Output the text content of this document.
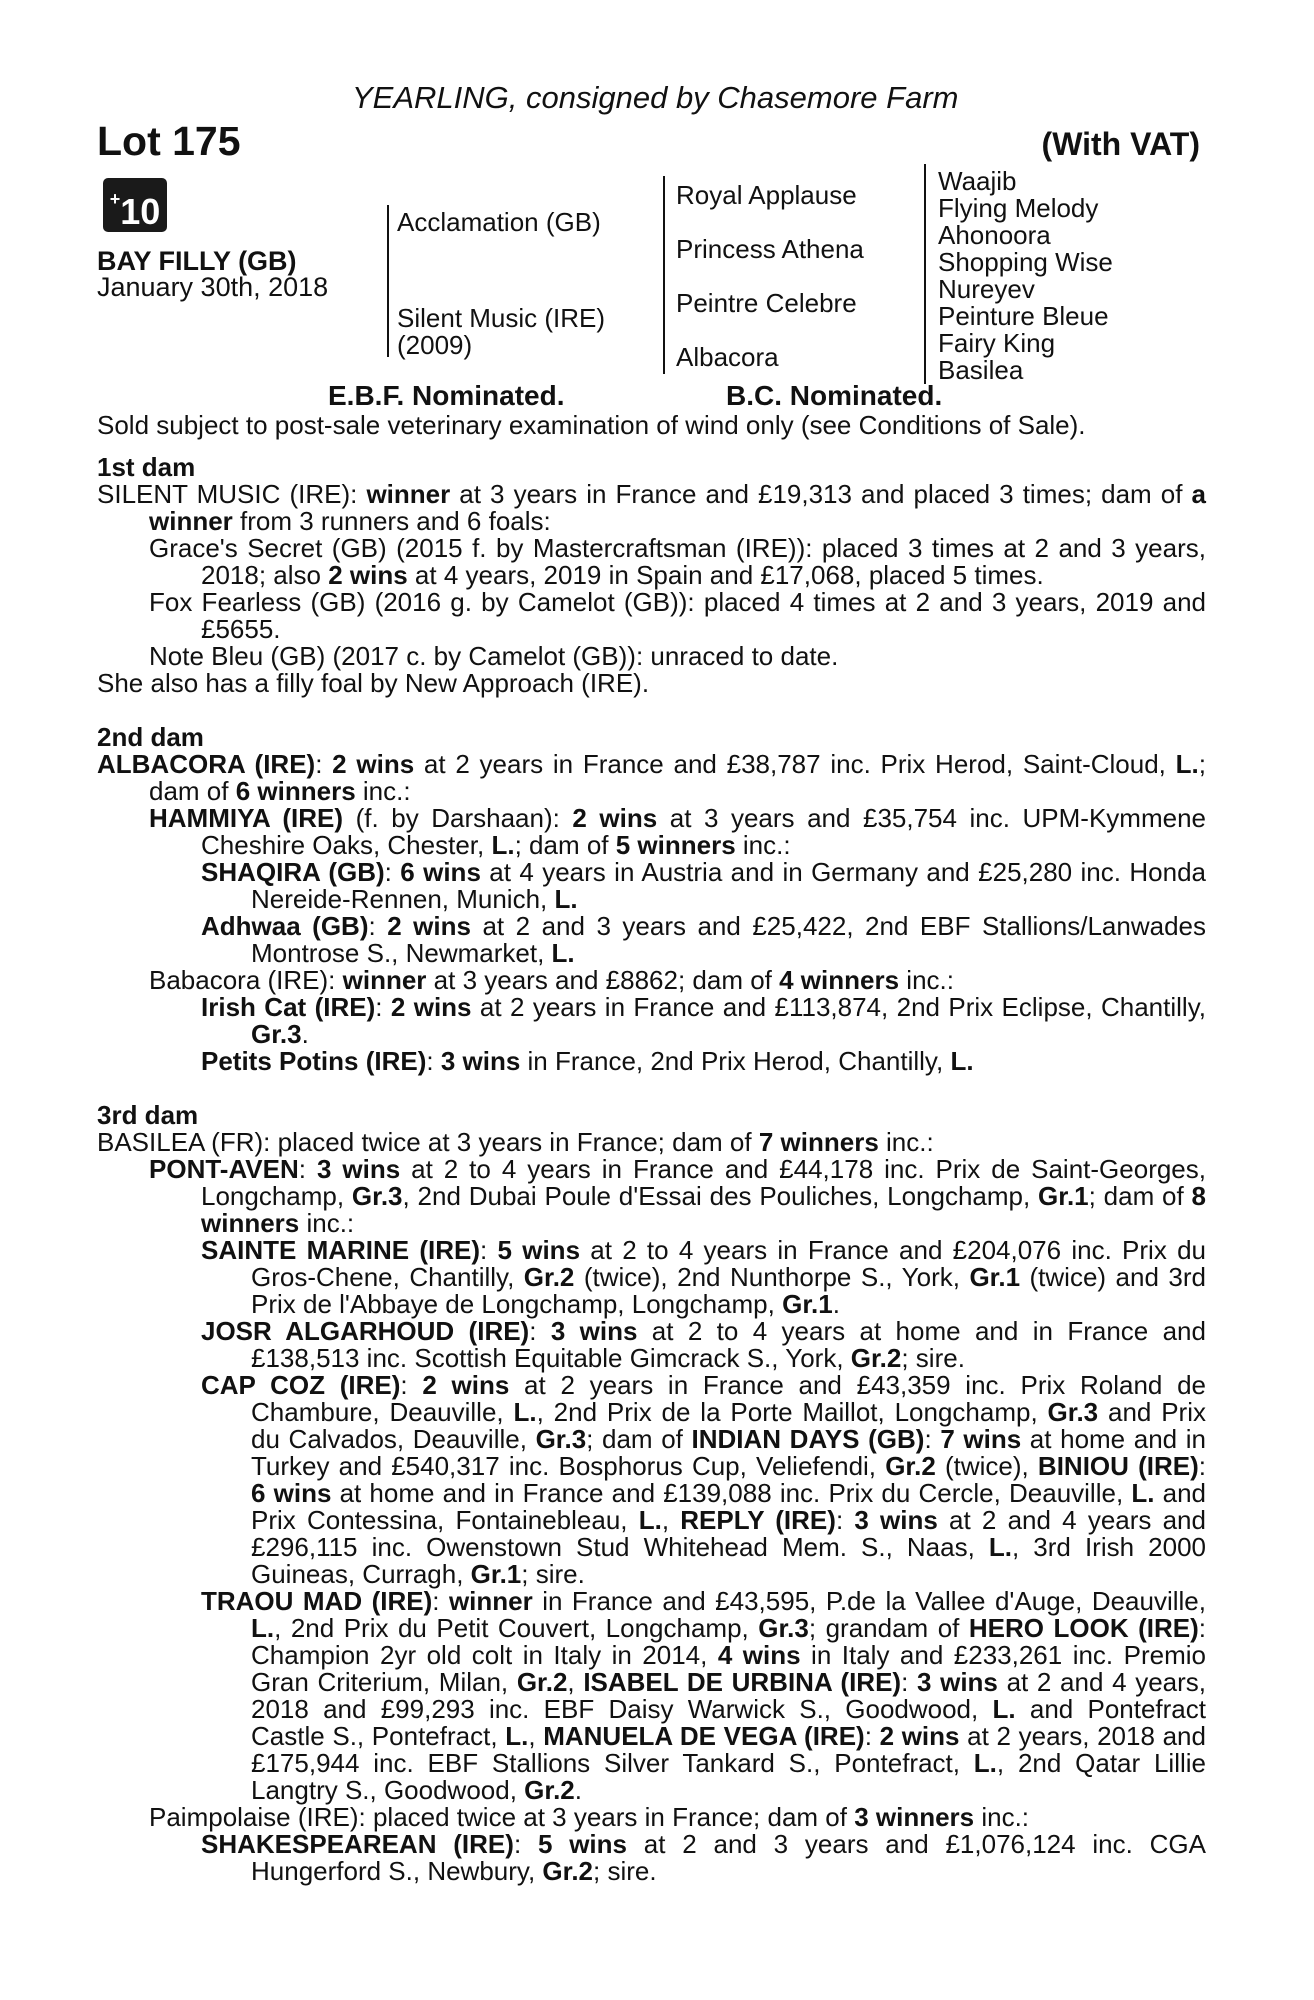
YEARLING, consigned by Chasemore Farm
Lot 175	(With VAT)
+10
BAY FILLY (GB)
January 30th, 2018
Acclamation (GB)
Silent Music (IRE)
(2009)
Royal Applause
Princess Athena
Peintre Celebre
Albacora
Waajib
Flying Melody
Ahonoora
Shopping Wise
Nureyev
Peinture Bleue
Fairy King
Basilea
E.B.F. Nominated.	B.C. Nominated.

Sold subject to post-sale veterinary examination of wind only (see Conditions of Sale).

1st dam

SILENT MUSIC (IRE): winner at 3 years in France and £19,313 and placed 3 times; dam of a winner from 3 runners and 6 foals:

Grace's Secret (GB) (2015 f. by Mastercraftsman (IRE)): placed 3 times at 2 and 3 years, 2018; also 2 wins at 4 years, 2019 in Spain and £17,068, placed 5 times.

Fox Fearless (GB) (2016 g. by Camelot (GB)): placed 4 times at 2 and 3 years, 2019 and £5655.

Note Bleu (GB) (2017 c. by Camelot (GB)): unraced to date.

She also has a filly foal by New Approach (IRE).

2nd dam

ALBACORA (IRE): 2 wins at 2 years in France and £38,787 inc. Prix Herod, Saint-Cloud, L.; dam of 6 winners inc.:

HAMMIYA (IRE) (f. by Darshaan): 2 wins at 3 years and £35,754 inc. UPM-Kymmene Cheshire Oaks, Chester, L.; dam of 5 winners inc.:

SHAQIRA (GB): 6 wins at 4 years in Austria and in Germany and £25,280 inc. Honda Nereide-Rennen, Munich, L.

Adhwaa (GB): 2 wins at 2 and 3 years and £25,422, 2nd EBF Stallions/Lanwades Montrose S., Newmarket, L.

Babacora (IRE): winner at 3 years and £8862; dam of 4 winners inc.:

Irish Cat (IRE): 2 wins at 2 years in France and £113,874, 2nd Prix Eclipse, Chantilly, Gr.3.

Petits Potins (IRE): 3 wins in France, 2nd Prix Herod, Chantilly, L.

3rd dam

BASILEA (FR): placed twice at 3 years in France; dam of 7 winners inc.:

PONT-AVEN: 3 wins at 2 to 4 years in France and £44,178 inc. Prix de Saint-Georges, Longchamp, Gr.3, 2nd Dubai Poule d'Essai des Pouliches, Longchamp, Gr.1; dam of 8 winners inc.:

SAINTE MARINE (IRE): 5 wins at 2 to 4 years in France and £204,076 inc. Prix du Gros-Chene, Chantilly, Gr.2 (twice), 2nd Nunthorpe S., York, Gr.1 (twice) and 3rd Prix de l'Abbaye de Longchamp, Longchamp, Gr.1.

JOSR ALGARHOUD (IRE): 3 wins at 2 to 4 years at home and in France and £138,513 inc. Scottish Equitable Gimcrack S., York, Gr.2; sire.

CAP COZ (IRE): 2 wins at 2 years in France and £43,359 inc. Prix Roland de Chambure, Deauville, L., 2nd Prix de la Porte Maillot, Longchamp, Gr.3 and Prix du Calvados, Deauville, Gr.3; dam of INDIAN DAYS (GB): 7 wins at home and in Turkey and £540,317 inc. Bosphorus Cup, Veliefendi, Gr.2 (twice), BINIOU (IRE): 6 wins at home and in France and £139,088 inc. Prix du Cercle, Deauville, L. and Prix Contessina, Fontainebleau, L., REPLY (IRE): 3 wins at 2 and 4 years and £296,115 inc. Owenstown Stud Whitehead Mem. S., Naas, L., 3rd Irish 2000 Guineas, Curragh, Gr.1; sire.

TRAOU MAD (IRE): winner in France and £43,595, P.de la Vallee d'Auge, Deauville, L., 2nd Prix du Petit Couvert, Longchamp, Gr.3; grandam of HERO LOOK (IRE): Champion 2yr old colt in Italy in 2014, 4 wins in Italy and £233,261 inc. Premio Gran Criterium, Milan, Gr.2, ISABEL DE URBINA (IRE): 3 wins at 2 and 4 years, 2018 and £99,293 inc. EBF Daisy Warwick S., Goodwood, L. and Pontefract Castle S., Pontefract, L., MANUELA DE VEGA (IRE): 2 wins at 2 years, 2018 and £175,944 inc. EBF Stallions Silver Tankard S., Pontefract, L., 2nd Qatar Lillie Langtry S., Goodwood, Gr.2.

Paimpolaise (IRE): placed twice at 3 years in France; dam of 3 winners inc.:

SHAKESPEAREAN (IRE): 5 wins at 2 and 3 years and £1,076,124 inc. CGA Hungerford S., Newbury, Gr.2; sire.
